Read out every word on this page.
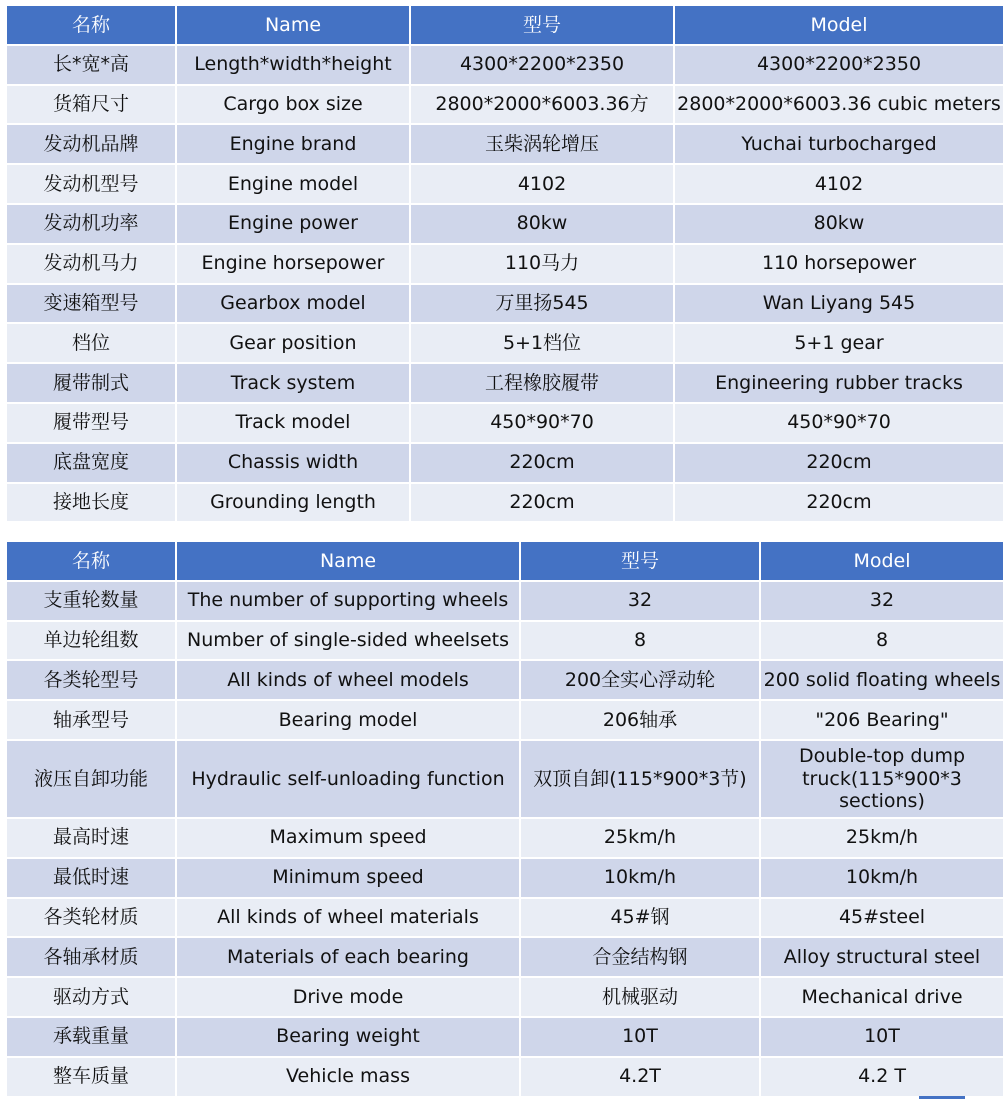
名称	Name	型号	Model
长*宽*高	Length*width*height	4300*2200*2350	4300*2200*2350
货箱尺寸	Cargo box size	2800*2000*6003.36方	2800*2000*6003.36 cubic meters
发动机品牌	Engine brand	玉柴涡轮增压	Yuchai turbocharged
发动机型号	Engine model	4102	4102
发动机功率	Engine power	80kw	80kw
发动机马力	Engine horsepower	110马力	110 horsepower
变速箱型号	Gearbox model	万里扬545	Wan Liyang 545
档位	Gear position	5+1档位	5+1 gear
履带制式	Track system	工程橡胶履带	Engineering rubber tracks
履带型号	Track model	450*90*70	450*90*70
底盘宽度	Chassis width	220cm	220cm
接地长度	Grounding length	220cm	220cm
名称	Name	型号	Model
支重轮数量	The number of supporting wheels	32	32
单边轮组数	Number of single-sided wheelsets	8	8
各类轮型号	All kinds of wheel models	200全实心浮动轮	200 solid floating wheels
轴承型号	Bearing model	206轴承	"206 Bearing"
液压自卸功能	Hydraulic self-unloading function	双顶自卸(115*900*3节)	Double-top dump truck(115*900*3 sections)
最高时速	Maximum speed	25km/h	25km/h
最低时速	Minimum speed	10km/h	10km/h
各类轮材质	All kinds of wheel materials	45#钢	45#steel
各轴承材质	Materials of each bearing	合金结构钢	Alloy structural steel
驱动方式	Drive mode	机械驱动	Mechanical drive
承载重量	Bearing weight	10T	10T
整车质量	Vehicle mass	4.2T	4.2 T
